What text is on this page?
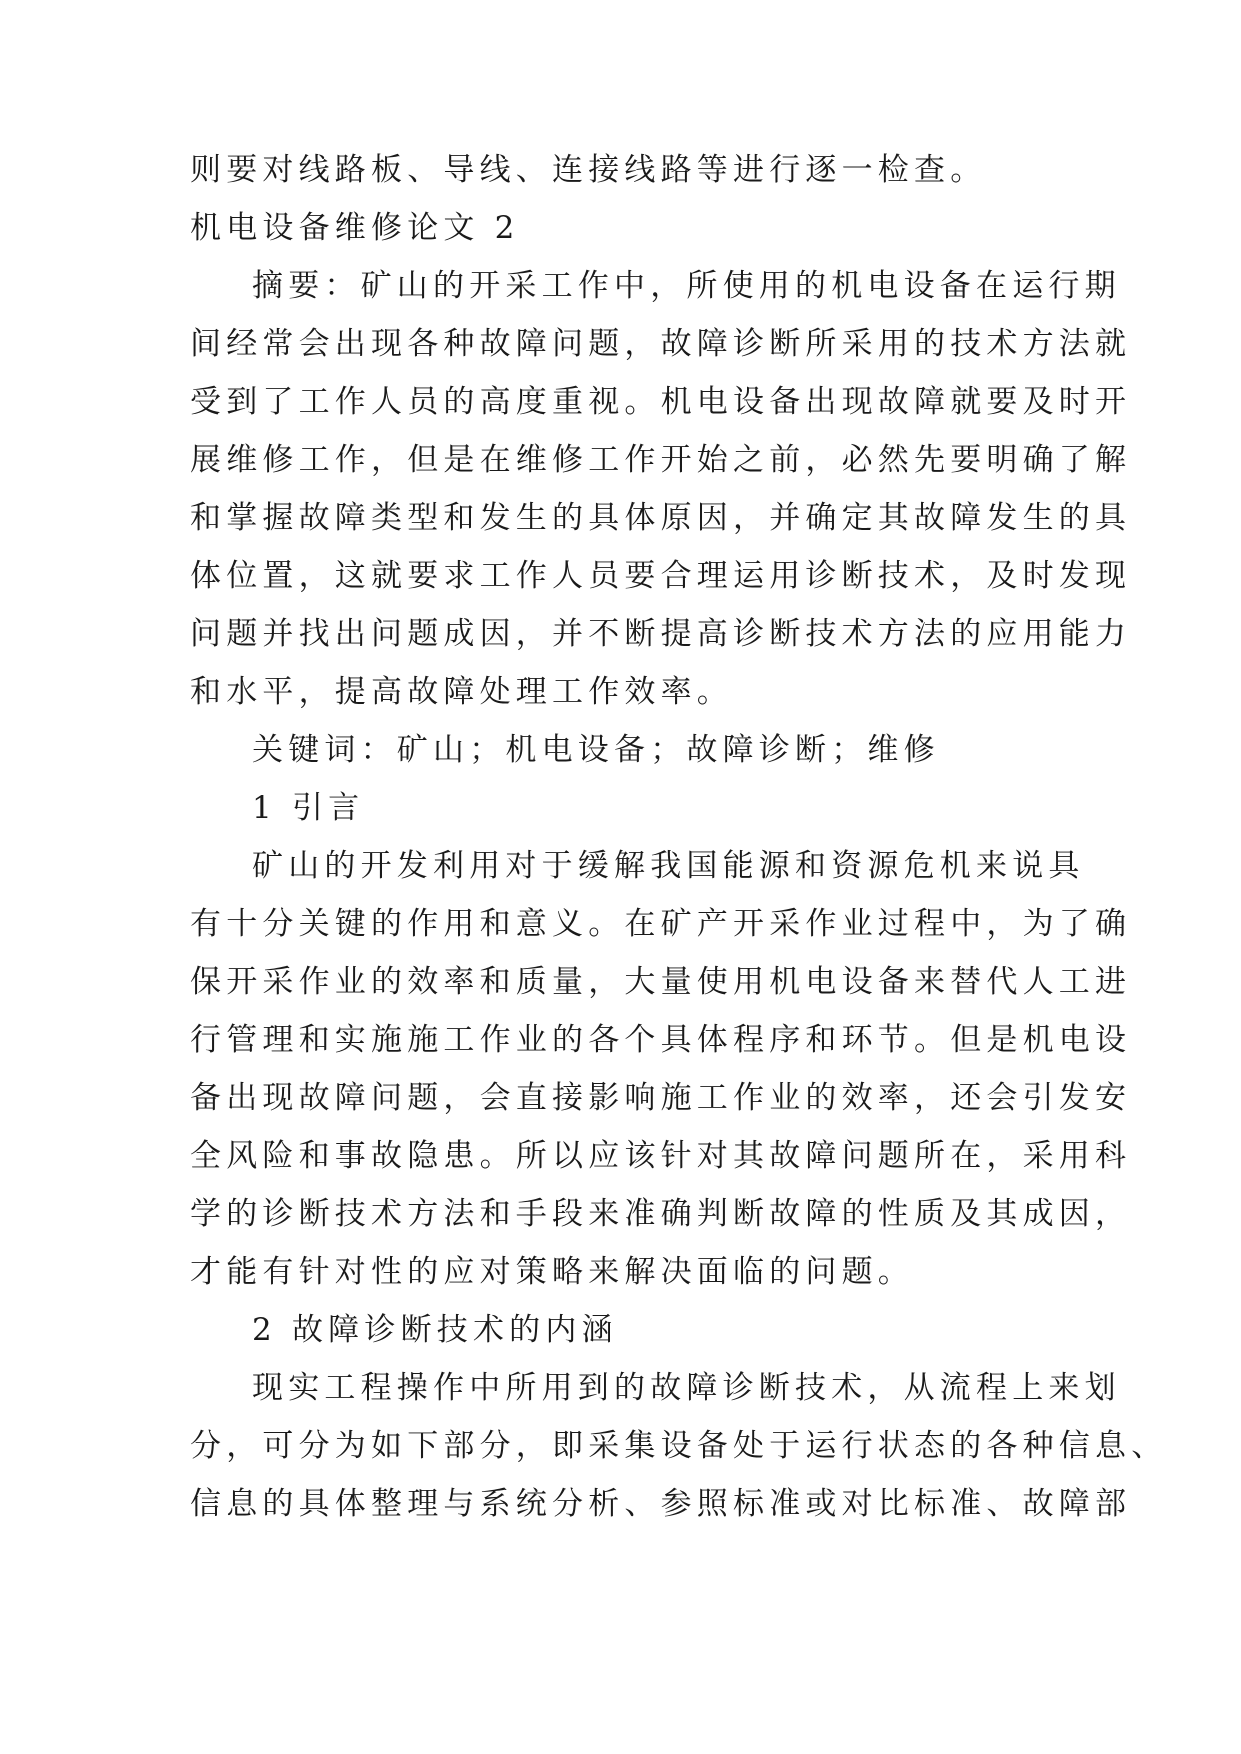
则要对线路板、导线、连接线路等进行逐一检查。
机电设备维修论文 2
摘要：矿山的开采工作中，所使用的机电设备在运行期
间经常会出现各种故障问题，故障诊断所采用的技术方法就
受到了工作人员的高度重视。机电设备出现故障就要及时开
展维修工作，但是在维修工作开始之前，必然先要明确了解
和掌握故障类型和发生的具体原因，并确定其故障发生的具
体位置，这就要求工作人员要合理运用诊断技术，及时发现
问题并找出问题成因，并不断提高诊断技术方法的应用能力
和水平，提高故障处理工作效率。
关键词：矿山；机电设备；故障诊断；维修
1 引言
矿山的开发利用对于缓解我国能源和资源危机来说具
有十分关键的作用和意义。在矿产开采作业过程中，为了确
保开采作业的效率和质量，大量使用机电设备来替代人工进
行管理和实施施工作业的各个具体程序和环节。但是机电设
备出现故障问题，会直接影响施工作业的效率，还会引发安
全风险和事故隐患。所以应该针对其故障问题所在，采用科
学的诊断技术方法和手段来准确判断故障的性质及其成因，
才能有针对性的应对策略来解决面临的问题。
2 故障诊断技术的内涵
现实工程操作中所用到的故障诊断技术，从流程上来划
分，可分为如下部分，即采集设备处于运行状态的各种信息、
信息的具体整理与系统分析、参照标准或对比标准、故障部
